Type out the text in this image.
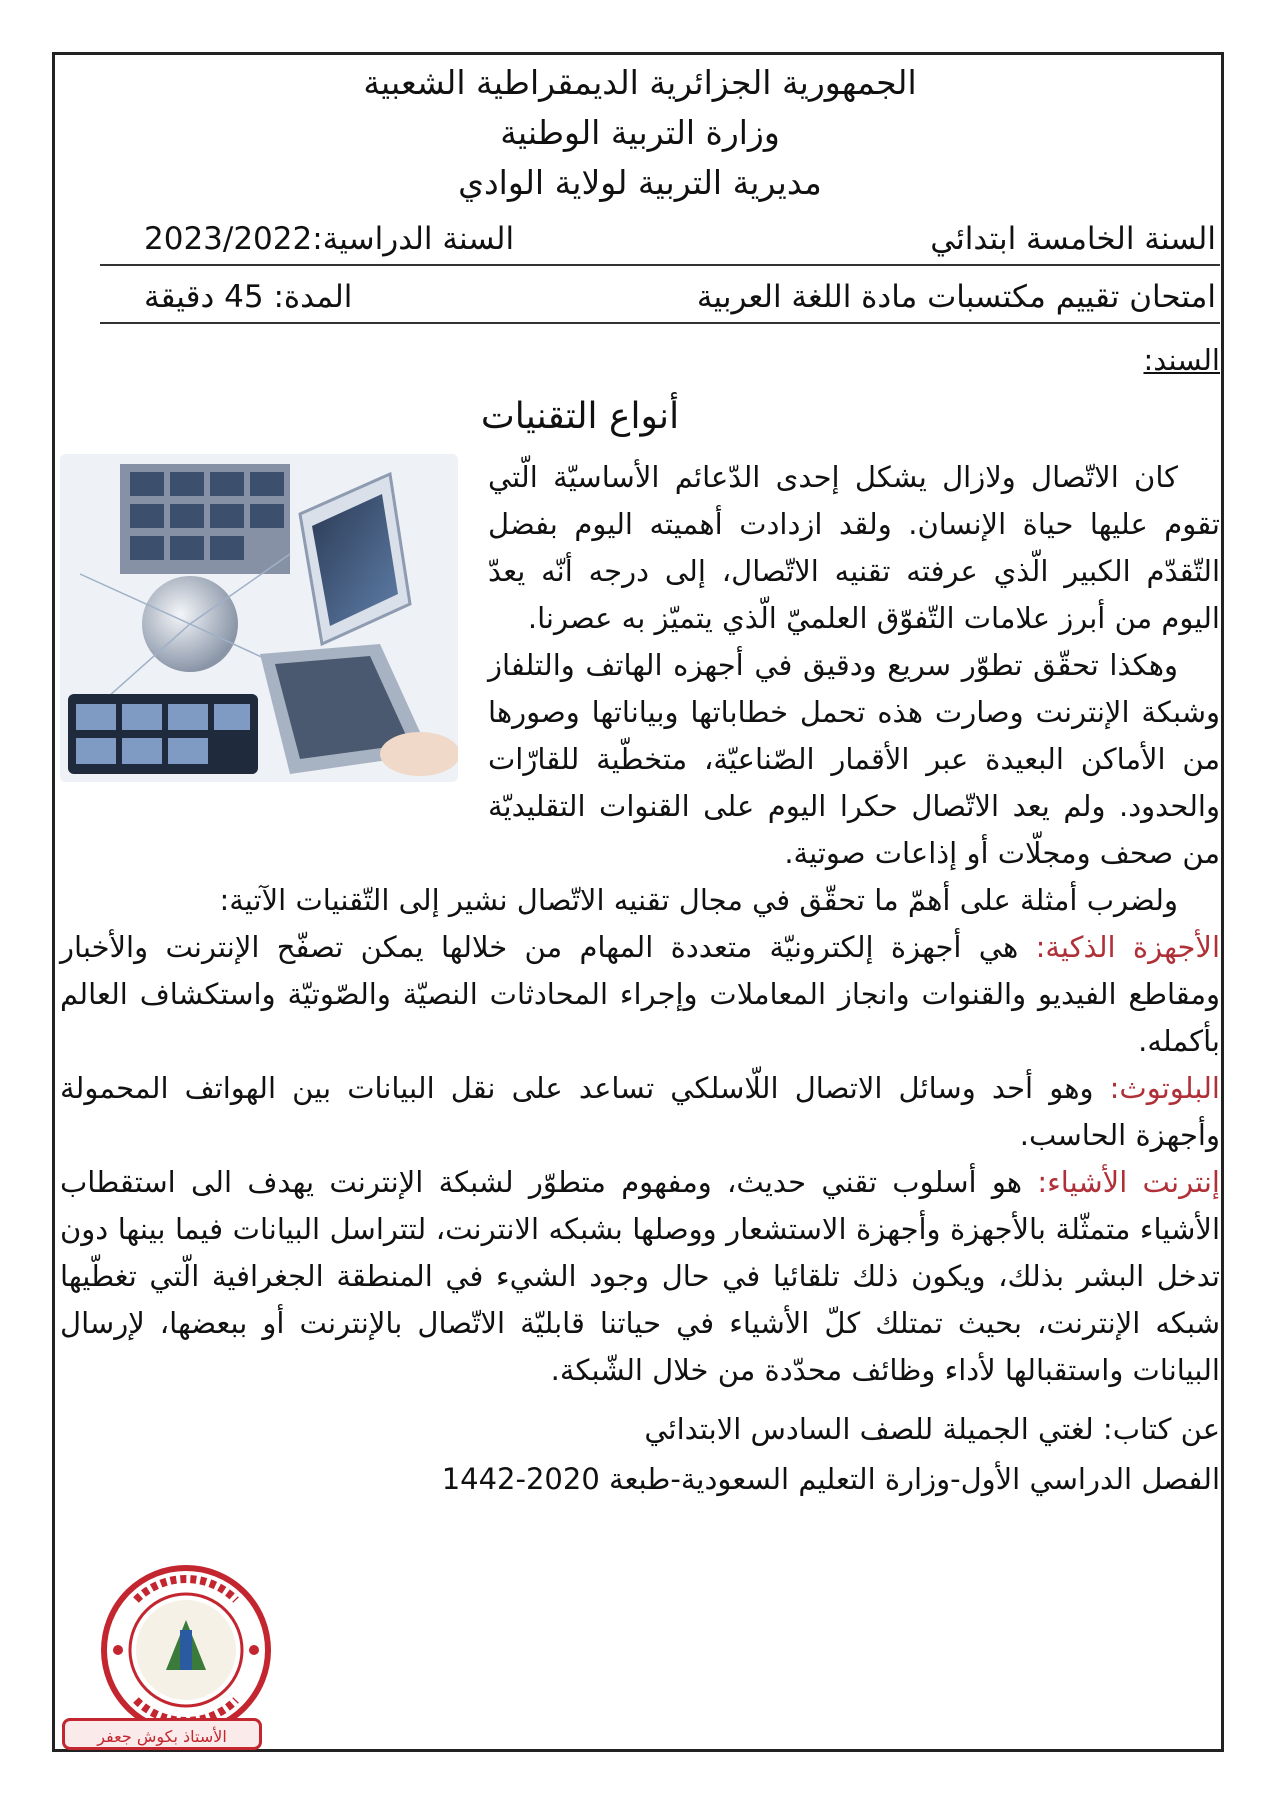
الجمهورية الجزائرية الديمقراطية الشعبية

وزارة التربية الوطنية

مديرية التربية لولاية الوادي

السنة الخامسة ابتدائي
السنة الدراسية:2023/2022
امتحان تقييم مكتسبات مادة اللغة العربية
المدة: 45 دقيقة
السند:
أنواع التقنيات

كان الاتّصال ولازال يشكل إحدى الدّعائم الأساسيّة الّتي تقوم عليها حياة الإنسان. ولقد ازدادت أهميته اليوم بفضل التّقدّم الكبير الّذي عرفته تقنيه الاتّصال، إلى درجه أنّه يعدّ اليوم من أبرز علامات التّفوّق العلميّ الّذي يتميّز به عصرنا.

وهكذا تحقّق تطوّر سريع ودقيق في أجهزه الهاتف والتلفاز وشبكة الإنترنت وصارت هذه تحمل خطاباتها وبياناتها وصورها من الأماكن البعيدة عبر الأقمار الصّناعيّة، متخطّية للقارّات والحدود. ولم يعد الاتّصال حكرا اليوم على القنوات التقليديّة من صحف ومجلّات أو إذاعات صوتية.

ولضرب أمثلة على أهمّ ما تحقّق في مجال تقنيه الاتّصال نشير إلى التّقنيات الآتية:

الأجهزة الذكية: هي أجهزة إلكترونيّة متعددة المهام من خلالها يمكن تصفّح الإنترنت والأخبار ومقاطع الفيديو والقنوات وانجاز المعاملات وإجراء المحادثات النصيّة والصّوتيّة واستكشاف العالم بأكمله.

البلوتوث: وهو أحد وسائل الاتصال اللّاسلكي تساعد على نقل البيانات بين الهواتف المحمولة وأجهزة الحاسب.

إنترنت الأشياء: هو أسلوب تقني حديث، ومفهوم متطوّر لشبكة الإنترنت يهدف الى استقطاب الأشياء متمثّلة بالأجهزة وأجهزة الاستشعار ووصلها بشبكه الانترنت، لتتراسل البيانات فيما بينها دون تدخل البشر بذلك، ويكون ذلك تلقائيا في حال وجود الشيء في المنطقة الجغرافية الّتي تغطّيها شبكه الإنترنت، بحيث تمتلك كلّ الأشياء في حياتنا قابليّة الاتّصال بالإنترنت أو ببعضها، لإرسال البيانات واستقبالها لأداء وظائف محدّدة من خلال الشّبكة.

عن كتاب: لغتي الجميلة للصف السادس الابتدائي
الفصل الدراسي الأول-وزارة التعليم السعودية-طبعة 2020-1442
الأستاذ بكوش جعفر
